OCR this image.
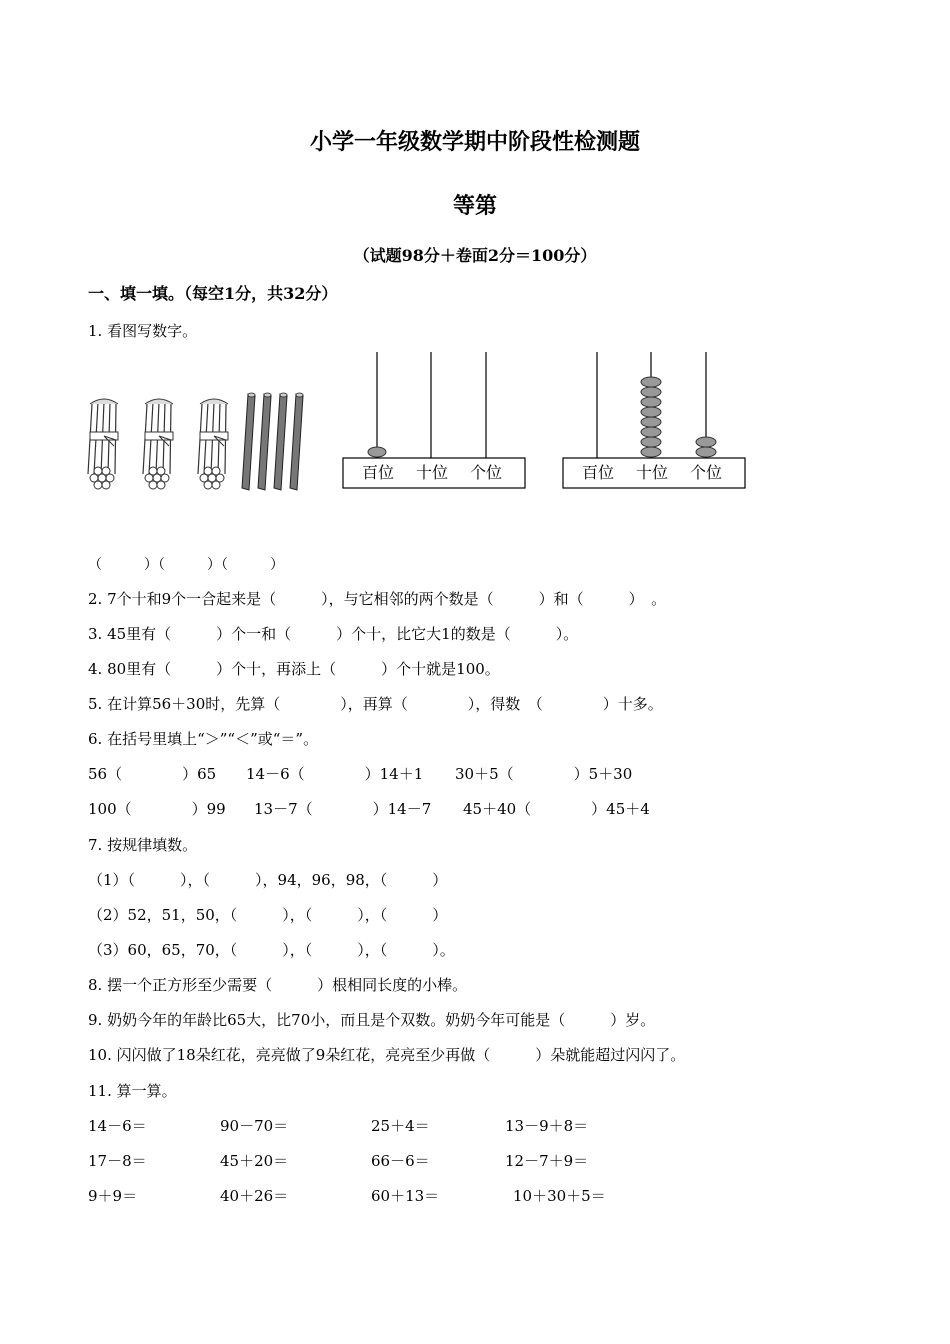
小学一年级数学期中阶段性检测题
等第
（试题98分＋卷面2分＝100分）
一、填一填。（每空1分，共32分）
1. 看图写数字。
百位 十位 个位	百位 十位 个位
（　　　）（　　　）（　　　）
2. 7个十和9个一合起来是（　　　），与它相邻的两个数是（　　　）和（　　　）　。
3. 45里有（　　　）个一和（　　　）个十，比它大1的数是（　　　）。
4. 80里有（　　　）个十，再添上（　　　）个十就是100。
5. 在计算56＋30时，先算（　　　　），再算（　　　　），得数　（　　　　）十多。
6. 在括号里填上“＞”“＜”或“＝”。
56（　　　　）65 14－6（　　　　）14＋1 30＋5（　　　　）5＋30
100（　　　　）99 13－7（　　　　）14－7 45＋40（　　　　）45＋4
7. 按规律填数。
（1）（　　　），（　　　），94，96，98，（　　　）
（2）52，51，50，（　　　），（　　　），（　　　）
（3）60，65，70，（　　　），（　　　），（　　　）。
8. 摆一个正方形至少需要（　　　）根相同长度的小棒。
9. 奶奶今年的年龄比65大，比70小，而且是个双数。奶奶今年可能是（　　　）岁。
10. 闪闪做了18朵红花，亮亮做了9朵红花，亮亮至少再做（　　　）朵就能超过闪闪了。
11. 算一算。
14－6＝	90－70＝	25＋4＝	13－9＋8＝
17－8＝	45＋20＝	66－6＝	12－7＋9＝
9＋9＝	40＋26＝	60＋13＝	10＋30＋5＝
